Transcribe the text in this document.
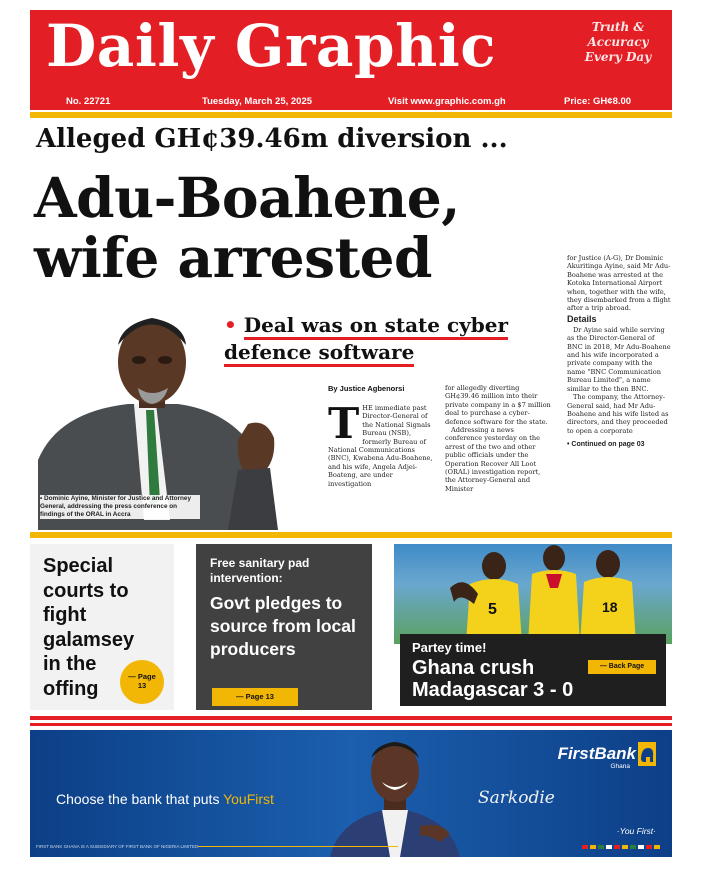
Daily Graphic	Truth &
Accuracy
Every Day
No. 22721	Tuesday, March 25, 2025	Visit www.graphic.com.gh	Price: GH¢8.00
Alleged GH¢39.46m diversion ...
Adu-Boahene,
wife arrested
• Dominic Ayine, Minister for Justice and Attorney General, addressing the press conference on findings of the ORAL in Accra
• Deal was on state cyber defence software
By Justice Agbenorsi
T HE immediate past Director-General of the National Signals Bureau (NSB), formerly Bureau of National Communications (BNC), Kwabena Adu-Boahene, and his wife, Angela Adjei-Boateng, are under investigation

for allegedly diverting GH¢39.46 million into their private company in a $7 million deal to purchase a cyber-defence software for the state.

Addressing a news conference yesterday on the arrest of the two and other public officials under the Operation Recover All Loot (ORAL) investigation report, the Attorney-General and Minister

for Justice (A-G), Dr Dominic Akuritinga Ayine, said Mr Adu-Boahene was arrested at the Kotoka International Airport when, together with the wife, they disembarked from a flight after a trip abroad.

Details

Dr Ayine said while serving as the Director-General of BNC in 2018, Mr Adu-Boahene and his wife incorporated a private company with the name "BNC Communication Bureau Limited", a name similar to the then BNC.

The company, the Attorney-General said, had Mr Adu-Boahene and his wife listed as directors, and they proceeded to open a corporate

• Continued on page 03
Special
courts to
fight
galamsey
in the
offing
— Page
13
Free sanitary pad intervention:
Govt pledges to source from local producers
— Page 13
5	18
Partey time!
Ghana crush Madagascar 3 - 0
— Back Page
Choose the bank that puts YouFirst
FirstBank
Ghana
Sarkodie
·You First·
FIRST BANK GHANA IS A SUBSIDIARY OF FIRST BANK OF NIGERIA LIMITED
